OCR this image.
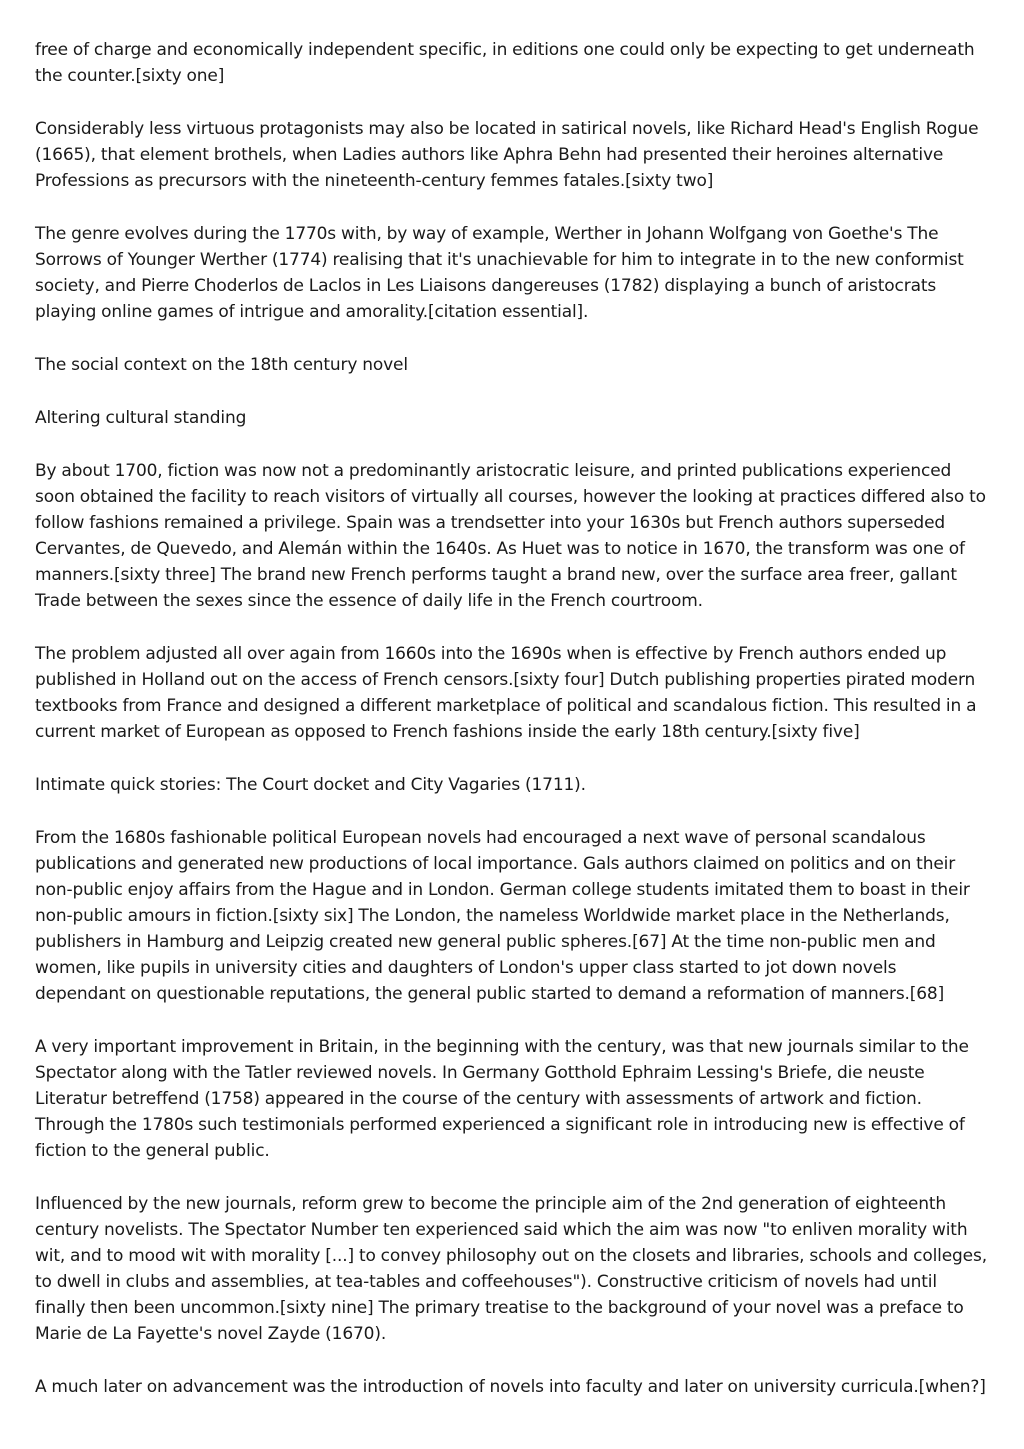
free of charge and economically independent specific, in editions one could only be expecting to get underneath the counter.[sixty one]

Considerably less virtuous protagonists may also be located in satirical novels, like Richard Head's English Rogue (1665), that element brothels, when Ladies authors like Aphra Behn had presented their heroines alternative Professions as precursors with the nineteenth-century femmes fatales.[sixty two]

The genre evolves during the 1770s with, by way of example, Werther in Johann Wolfgang von Goethe's The Sorrows of Younger Werther (1774) realising that it's unachievable for him to integrate in to the new conformist society, and Pierre Choderlos de Laclos in Les Liaisons dangereuses (1782) displaying a bunch of aristocrats playing online games of intrigue and amorality.[citation essential].

The social context on the 18th century novel

Altering cultural standing

By about 1700, fiction was now not a predominantly aristocratic leisure, and printed publications experienced soon obtained the facility to reach visitors of virtually all courses, however the looking at practices differed also to follow fashions remained a privilege. Spain was a trendsetter into your 1630s but French authors superseded Cervantes, de Quevedo, and Alemán within the 1640s. As Huet was to notice in 1670, the transform was one of manners.[sixty three] The brand new French performs taught a brand new, over the surface area freer, gallant Trade between the sexes since the essence of daily life in the French courtroom.

The problem adjusted all over again from 1660s into the 1690s when is effective by French authors ended up published in Holland out on the access of French censors.[sixty four] Dutch publishing properties pirated modern textbooks from France and designed a different marketplace of political and scandalous fiction. This resulted in a current market of European as opposed to French fashions inside the early 18th century.[sixty five]

Intimate quick stories: The Court docket and City Vagaries (1711).

From the 1680s fashionable political European novels had encouraged a next wave of personal scandalous publications and generated new productions of local importance. Gals authors claimed on politics and on their non-public enjoy affairs from the Hague and in London. German college students imitated them to boast in their non-public amours in fiction.[sixty six] The London, the nameless Worldwide market place in the Netherlands, publishers in Hamburg and Leipzig created new general public spheres.[67] At the time non-public men and women, like pupils in university cities and daughters of London's upper class started to jot down novels dependant on questionable reputations, the general public started to demand a reformation of manners.[68]

A very important improvement in Britain, in the beginning with the century, was that new journals similar to the Spectator along with the Tatler reviewed novels. In Germany Gotthold Ephraim Lessing's Briefe, die neuste Literatur betreffend (1758) appeared in the course of the century with assessments of artwork and fiction. Through the 1780s such testimonials performed experienced a significant role in introducing new is effective of fiction to the general public.

Influenced by the new journals, reform grew to become the principle aim of the 2nd generation of eighteenth century novelists. The Spectator Number ten experienced said which the aim was now "to enliven morality with wit, and to mood wit with morality [...] to convey philosophy out on the closets and libraries, schools and colleges, to dwell in clubs and assemblies, at tea-tables and coffeehouses"). Constructive criticism of novels had until finally then been uncommon.[sixty nine] The primary treatise to the background of your novel was a preface to Marie de La Fayette's novel Zayde (1670).

A much later on advancement was the introduction of novels into faculty and later on university curricula.[when?]
